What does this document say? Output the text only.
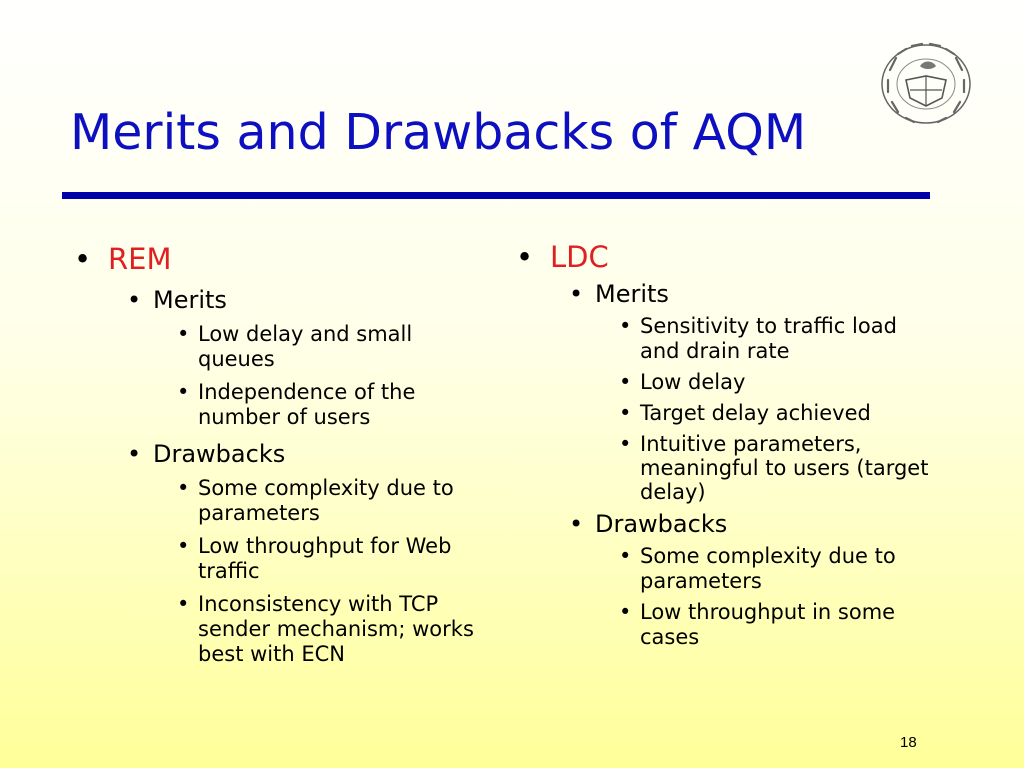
Merits and Drawbacks of AQM
• REM
• Merits
• Low delay and small queues
• Independence of the number of users
• Drawbacks
• Some complexity due to parameters
• Low throughput for Web traffic
• Inconsistency with TCP sender mechanism; works best with ECN
• LDC
• Merits
• Sensitivity to traffic load and drain rate
• Low delay
• Target delay achieved
• Intuitive parameters, meaningful to users (target delay)
• Drawbacks
• Some complexity due to parameters
• Low throughput in some cases
18
